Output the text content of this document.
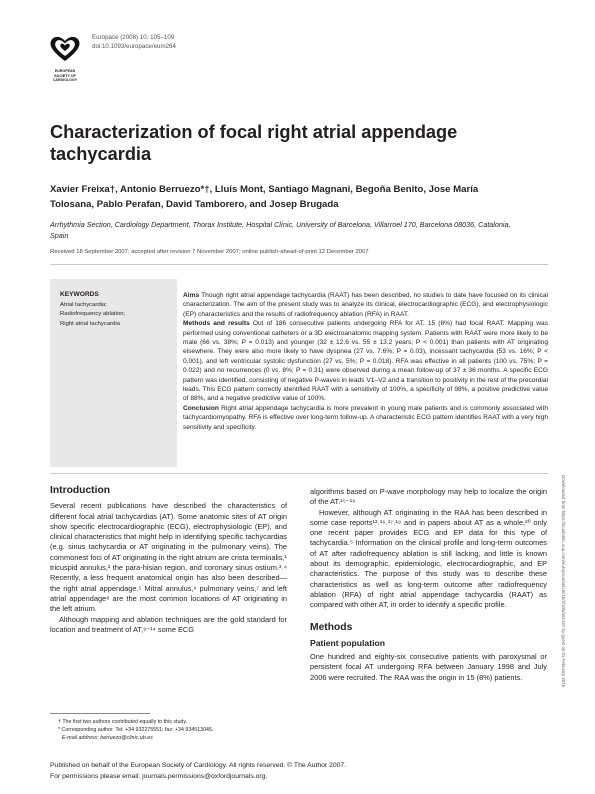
EUROPEAN
SOCIETY OF
CARDIOLOGY
Europace (2008) 10, 105–109
doi:10.1093/europace/eum264
Characterization of focal right atrial appendage tachycardia
Xavier Freixa†, Antonio Berruezo*†, Lluís Mont, Santiago Magnani, Begoña Benito, Jose María Tolosana, Pablo Perafan, David Tamborero, and Josep Brugada
Arrhythmia Section, Cardiology Department, Thorax Institute, Hospital Clínic, University of Barcelona, Villarroel 170, Barcelona 08036, Catalonia, Spain
Received 18 September 2007; accepted after revision 7 November 2007; online publish-ahead-of-print 12 December 2007
KEYWORDS
Atrial tachycardia;
Radiofrequency ablation;
Right atrial tachycardia
Aims Though right atrial appendage tachycardia (RAAT) has been described, no studies to date have focused on its clinical characterization. The aim of the present study was to analyze its clinical, electrocardiographic (ECG), and electrophysiologic (EP) characteristics and the results of radiofrequency ablation (RFA) in RAAT.
Methods and results Out of 186 consecutive patients undergoing RFA for AT, 15 (8%) had focal RAAT. Mapping was performed using conventional catheters or a 3D electroanatomic mapping system. Patients with RAAT were more likely to be male (66 vs. 38%; P = 0.013) and younger (32 ± 12.6 vs. 55 ± 13.2 years; P < 0.001) than patients with AT originating elsewhere. They were also more likely to have dyspnea (27 vs. 7.6%; P = 0.03), incessant tachycardia (53 vs. 16%; P < 0.001), and left ventricular systolic dysfunction (27 vs. 5%; P = 0.018). RFA was effective in all patients (100 vs. 75%; P = 0.022) and no recurrences (0 vs. 8%; P = 0.31) were observed during a mean follow-up of 37 ± 36 months. A specific ECG pattern was identified, consisting of negative P-waves in leads V1–V2 and a transition to positivity in the rest of the precordial leads. This ECG pattern correctly identified RAAT with a sensitivity of 100%, a specificity of 98%, a positive predictive value of 88%, and a negative predictive value of 100%.
Conclusion Right atrial appendage tachycardia is more prevalent in young male patients and is commonly associated with tachycardiomyopathy. RFA is effective over long-term follow-up. A characteristic ECG pattern identifies RAAT with a very high sensitivity and specificity.
Downloaded from https://academic.oup.com/europace/article/10/2/105/462187 by guest on 01 February 2016
Introduction

Several recent publications have described the characteristics of different focal atrial tachycardias (AT). Some anatomic sites of AT origin show specific electrocardiographic (ECG), electrophysiologic (EP), and clinical characteristics that might help in identifying specific tachycardias (e.g. sinus tachycardia or AT originating in the pulmonary veins). The commonest foci of AT originating in the right atrium are crista terminalis,¹ tricuspid annulus,² the para-hisian region, and coronary sinus ostium.³˒⁴ Recently, a less frequent anatomical origin has also been described—the right atrial appendage.⁵ Mitral annulus,⁶ pulmonary veins,⁷ and left atrial appendage⁸ are the most common locations of AT originating in the left atrium.

Although mapping and ablation techniques are the gold standard for location and treatment of AT,⁹⁻¹⁴ some ECG

algorithms based on P-wave morphology may help to localize the origin of the AT.¹⁵⁻¹⁹

However, although AT originating in the RAA has been described in some case reports¹³˒¹⁶˒¹⁷˒¹⁹ and in papers about AT as a whole,²⁰ only one recent paper provides ECG and EP data for this type of tachycardia.⁵ Information on the clinical profile and long-term outcomes of AT after radiofrequency ablation is still lacking, and little is known about its demographic, epidemiologic, electrocardiographic, and EP characteristics. The purpose of this study was to describe these characteristics as well as long-term outcome after radiofrequency ablation (RFA) of right atrial appendage tachycardia (RAAT) as compared with other AT, in order to identify a specific profile.

Methods
Patient population

One hundred and eighty-six consecutive patients with paroxysmal or persistent focal AT undergoing RFA between January 1998 and July 2006 were recruited. The RAA was the origin in 15 (8%) patients.

† The first two authors contributed equally to this study.
* Corresponding author. Tel: +34 932275551; fax: +34 934513045.
E-mail address: berruezo@clinic.ub.es
Published on behalf of the European Society of Cardiology. All rights reserved. © The Author 2007.
For permissions please email: journals.permissions@oxfordjournals.org.
